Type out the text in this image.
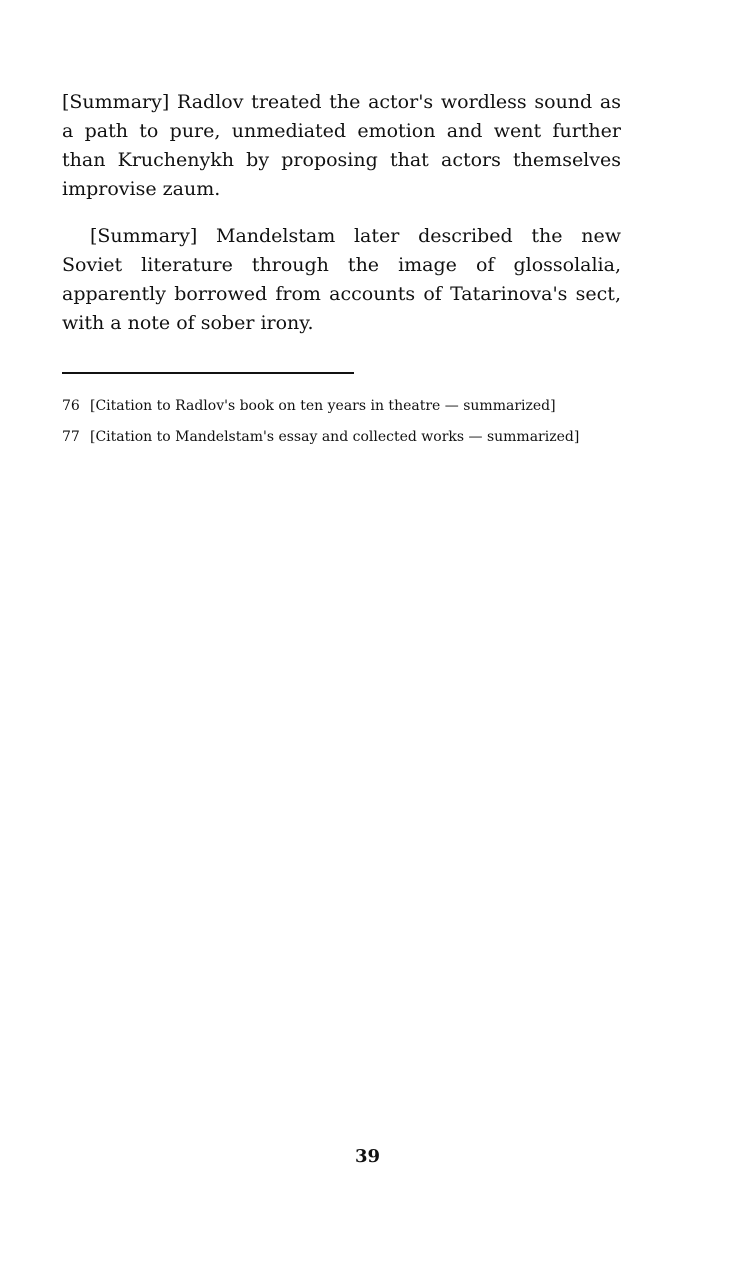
[Summary] Radlov treated the actor's wordless sound as a path to pure, unmediated emotion and went further than Kruchenykh by proposing that actors themselves improvise zaum.

[Summary] Mandelstam later described the new Soviet literature through the image of glossolalia, apparently borrowed from accounts of Tatarinova's sect, with a note of sober irony.

76 [Citation to Radlov's book on ten years in theatre — summarized]
77 [Citation to Mandelstam's essay and collected works — summarized]
39
